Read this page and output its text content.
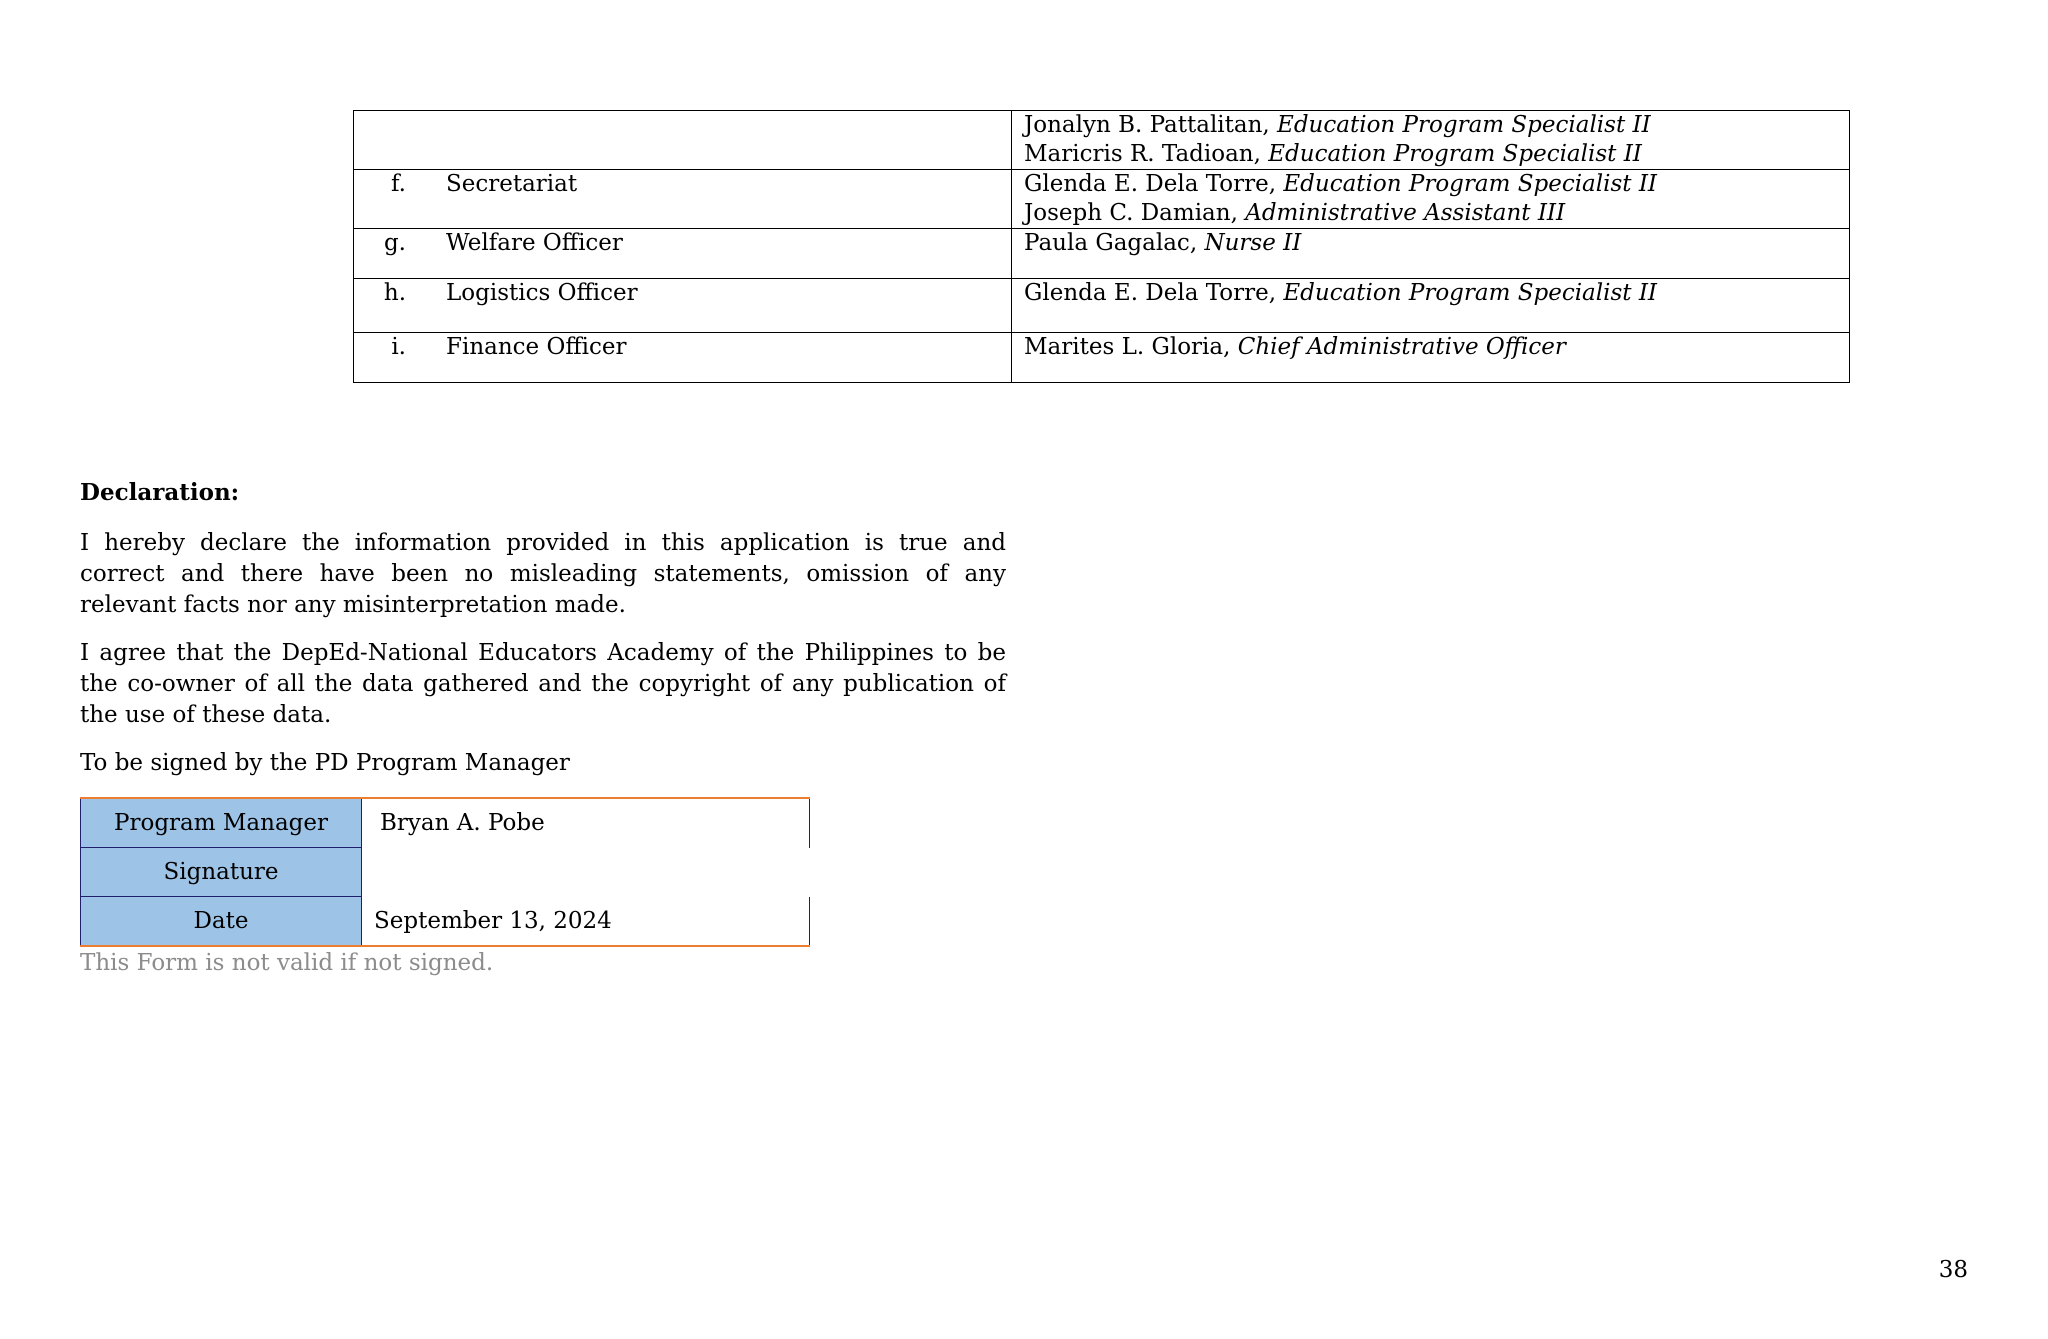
	Jonalyn B. Pattalitan, Education Program Specialist II
Maricris R. Tadioan, Education Program Specialist II

f. Secretariat	Glenda E. Dela Torre, Education Program Specialist II
Joseph C. Damian, Administrative Assistant III

g. Welfare Officer	Paula Gagalac, Nurse II

h. Logistics Officer	Glenda E. Dela Torre, Education Program Specialist II

i. Finance Officer	Marites L. Gloria, Chief Administrative Officer
Declaration:

I hereby declare the information provided in this application is true and correct and there have been no misleading statements, omission of any relevant facts nor any misinterpretation made.

I agree that the DepEd-National Educators Academy of the Philippines to be the co-owner of all the data gathered and the copyright of any publication of the use of these data.

To be signed by the PD Program Manager

Program Manager	Bryan A. Pobe
Signature	
Date	September 13, 2024
This Form is not valid if not signed.
38
